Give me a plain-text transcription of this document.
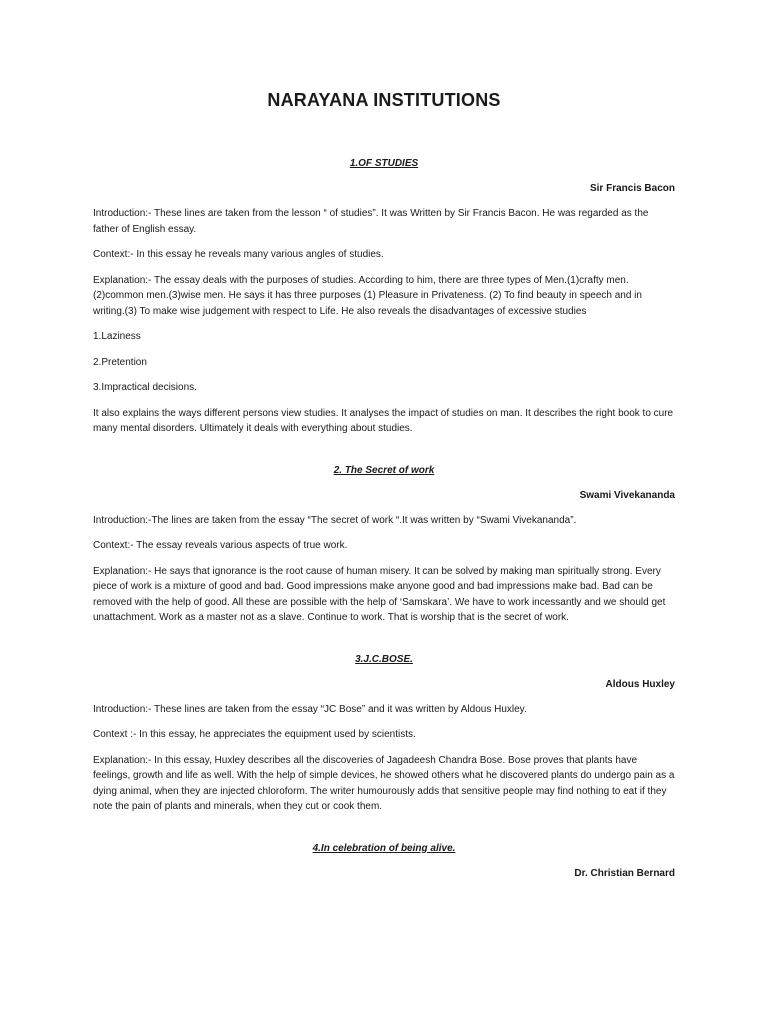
NARAYANA INSTITUTIONS
1.OF STUDIES
Sir Francis Bacon

Introduction:- These lines are taken from the lesson “ of studies”. It was Written by Sir Francis Bacon. He was regarded as the father of English essay.

Context:- In this essay he reveals many various angles of studies.

Explanation:- The essay deals with the purposes of studies. According to him, there are three types of Men.(1)crafty men.(2)common men.(3)wise men. He says it has three purposes (1) Pleasure in Privateness. (2) To find beauty in speech and in writing.(3) To make wise judgement with respect to Life. He also reveals the disadvantages of excessive studies

1.Laziness

2.Pretention

3.Impractical decisions.

It also explains the ways different persons view studies. It analyses the impact of studies on man. It describes the right book to cure many mental disorders. Ultimately it deals with everything about studies.

2. The Secret of work
Swami Vivekananda

Introduction:-The lines are taken from the essay “The secret of work “.It was written by “Swami Vivekananda”.

Context:- The essay reveals various aspects of true work.

Explanation:- He says that ignorance is the root cause of human misery. It can be solved by making man spiritually strong. Every piece of work is a mixture of good and bad. Good impressions make anyone good and bad impressions make bad. Bad can be removed with the help of good. All these are possible with the help of ‘Samskara’. We have to work incessantly and we should get unattachment. Work as a master not as a slave. Continue to work. That is worship that is the secret of work.

3.J.C.BOSE.
Aldous Huxley

Introduction:- These lines are taken from the essay “JC Bose” and it was written by Aldous Huxley.

Context :- In this essay, he appreciates the equipment used by scientists.

Explanation:- In this essay, Huxley describes all the discoveries of Jagadeesh Chandra Bose. Bose proves that plants have feelings, growth and life as well. With the help of simple devices, he showed others what he discovered plants do undergo pain as a dying animal, when they are injected chloroform. The writer humourously adds that sensitive people may find nothing to eat if they note the pain of plants and minerals, when they cut or cook them.

4.In celebration of being alive.
Dr. Christian Bernard
